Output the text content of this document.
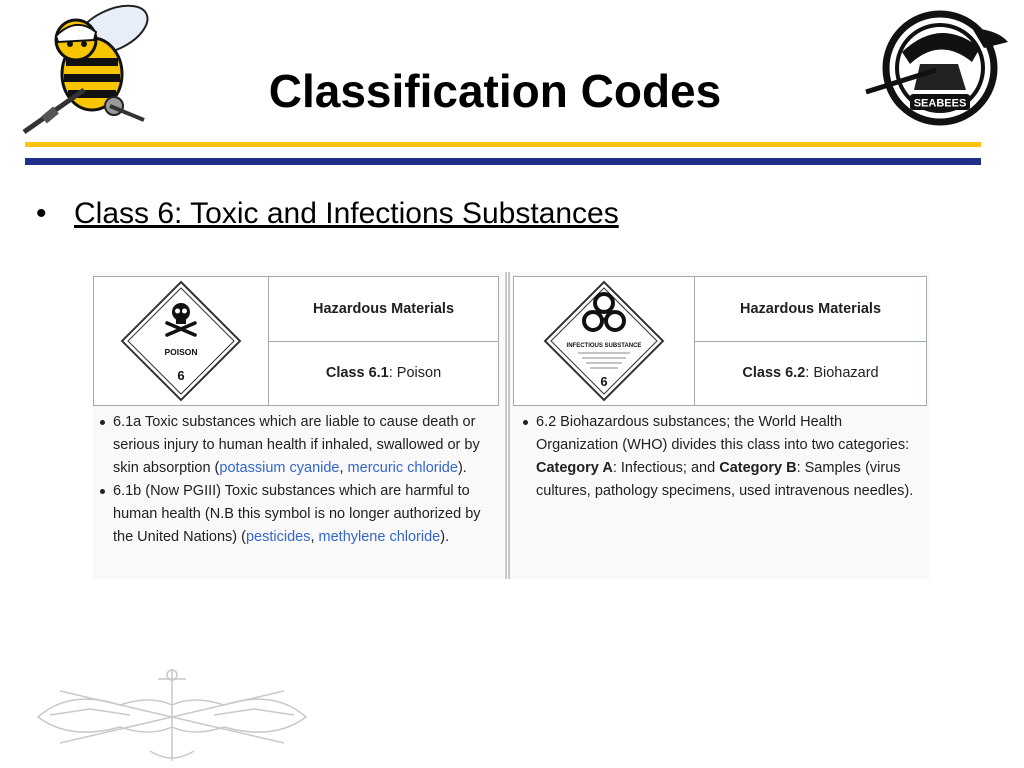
Classification Codes	SEABEES
• Class 6: Toxic and Infections Substances
POISON
6
	Hazardous Materials
Class 6.1: Poison
6.1a Toxic substances which are liable to cause death or serious injury to human health if inhaled, swallowed or by skin absorption (potassium cyanide, mercuric chloride).
6.1b (Now PGIII) Toxic substances which are harmful to human health (N.B this symbol is no longer authorized by the United Nations) (pesticides, methylene chloride).
INFECTIOUS SUBSTANCE
6
	Hazardous Materials
Class 6.2: Biohazard
6.2 Biohazardous substances; the World Health Organization (WHO) divides this class into two categories: Category A: Infectious; and Category B: Samples (virus cultures, pathology specimens, used intravenous needles).
